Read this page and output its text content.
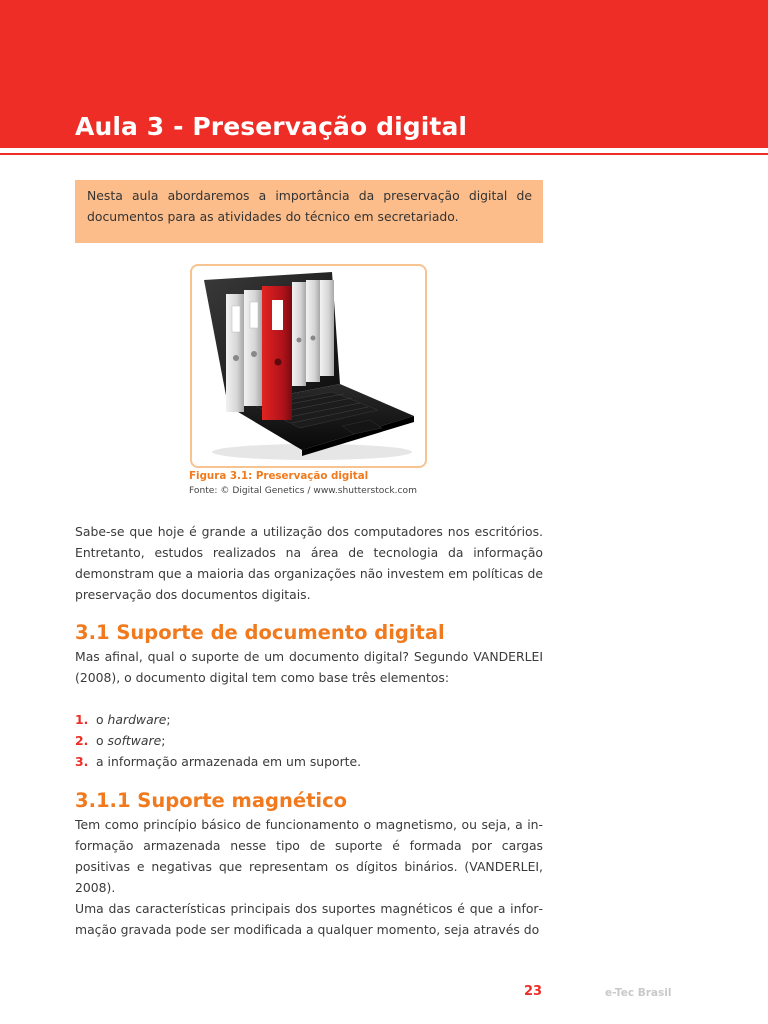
Aula 3 - Preservação digital
Nesta aula abordaremos a importância da preservação digital de documentos para as atividades do técnico em secretariado.

Figura 3.1: Preservação digital

Fonte: © Digital Genetics / www.shutterstock.com

Sabe-se que hoje é grande a utilização dos computadores nos escritórios. Entretanto, estudos realizados na área de tecnologia da informação demonstram que a maioria das organizações não investem em políticas de preservação dos documentos digitais.

3.1 Suporte de documento digital

Mas afinal, qual o suporte de um documento digital? Segundo VANDERLEI (2008), o documento digital tem como base três elementos:

1. o hardware;
2. o software;
3. a informação armazenada em um suporte.
3.1.1 Suporte magnético

Tem como princípio básico de funcionamento o magnetismo, ou seja, a informação armazenada nesse tipo de suporte é formada por cargas positivas e negativas que representam os dígitos binários. (VANDERLEI, 2008).

Uma das características principais dos suportes magnéticos é que a informação gravada pode ser modificada a qualquer momento, seja através do

23	e-Tec Brasil
